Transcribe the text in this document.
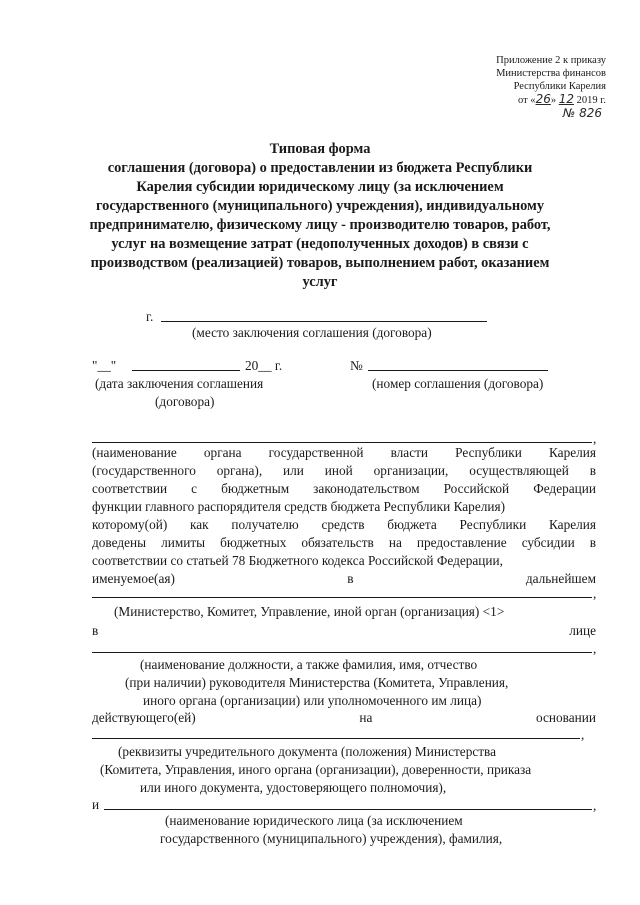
Приложение 2 к приказу
Министерства финансов
Республики Карелия
от «26» 12 2019 г.
№ 826
Типовая форма
соглашения (договора) о предоставлении из бюджета Республики
Карелия субсидии юридическому лицу (за исключением
государственного (муниципального) учреждения), индивидуальному
предпринимателю, физическому лицу - производителю товаров, работ,
услуг на возмещение затрат (недополученных доходов) в связи с
производством (реализацией) товаров, выполнением работ, оказанием
услуг
г.
(место заключения соглашения (договора)
"__"	20__ г.	№
(дата заключения соглашения
(договора)
(номер соглашения (договора)
,
(наименование органа государственной власти Республики Карелия
(государственного органа), или иной организации, осуществляющей в
соответствии с бюджетным законодательством Российской Федерации
функции главного распорядителя средств бюджета Республики Карелия)
которому(ой) как получателю средств бюджета Республики Карелия
доведены лимиты бюджетных обязательств на предоставление субсидии в
соответствии со статьей 78 Бюджетного кодекса Российской Федерации,
именуемое(ая)	в	дальнейшем
,
(Министерство, Комитет, Управление, иной орган (организация) <1>
в	лице
,
(наименование должности, а также фамилия, имя, отчество
(при наличии) руководителя Министерства (Комитета, Управления,
иного органа (организации) или уполномоченного им лица)
действующего(ей)	на	основании
,
(реквизиты учредительного документа (положения) Министерства
(Комитета, Управления, иного органа (организации), доверенности, приказа
или иного документа, удостоверяющего полномочия),
и	,
(наименование юридического лица (за исключением
государственного (муниципального) учреждения), фамилия,
